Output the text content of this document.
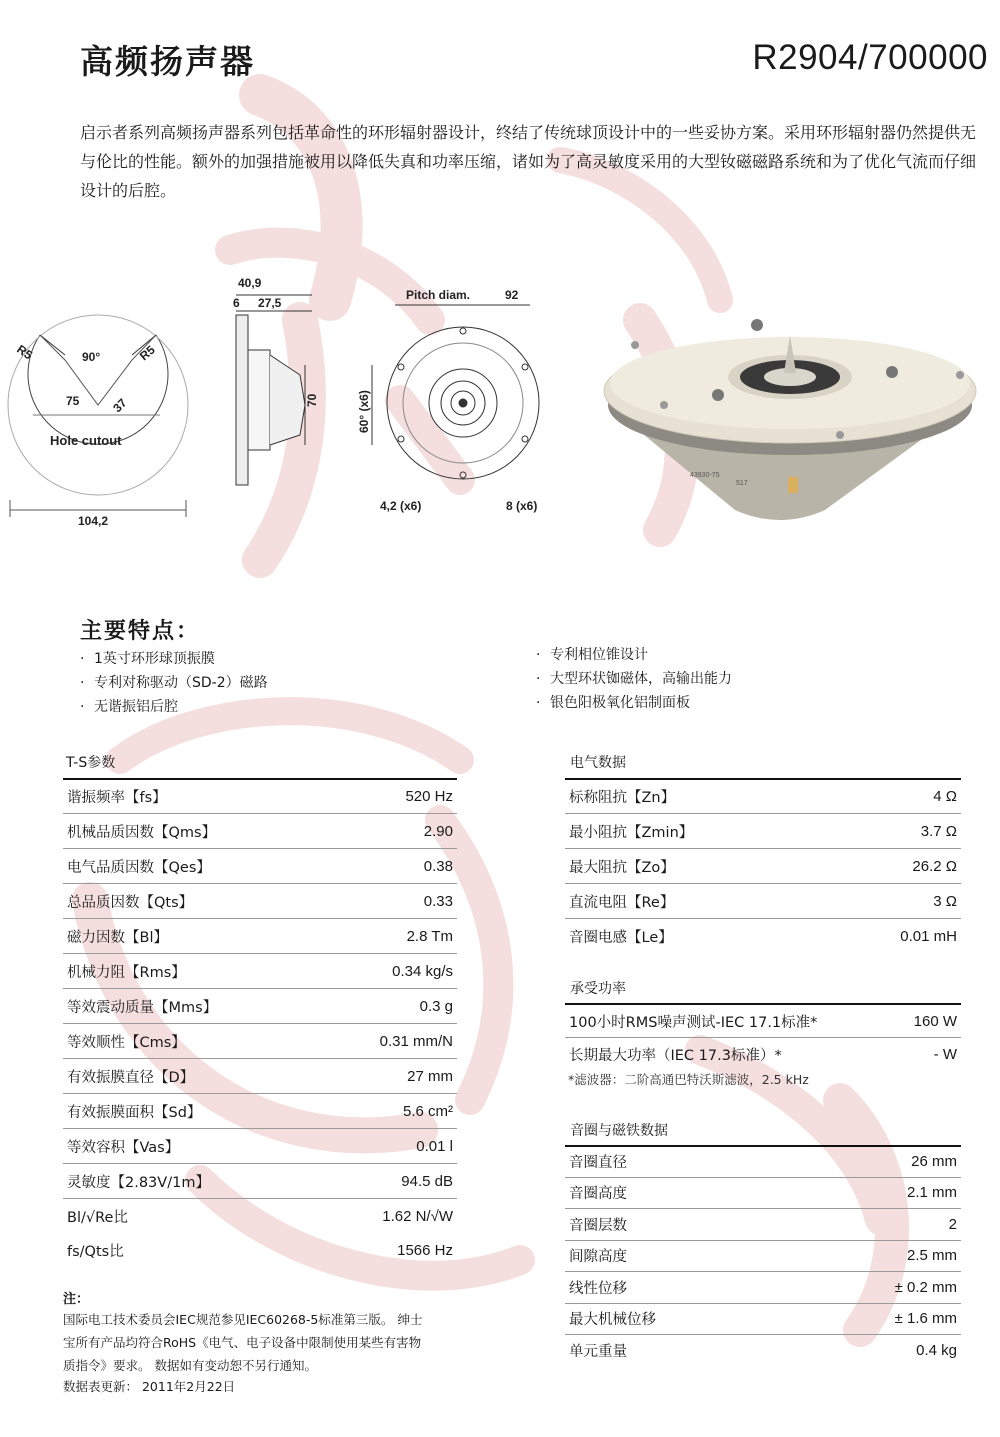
高频扬声器	R2904/700000

启示者系列高频扬声器系列包括革命性的环形辐射器设计，终结了传统球顶设计中的一些妥协方案。采用环形辐射器仍然提供无与伦比的性能。额外的加强措施被用以降低失真和功率压缩，诸如为了高灵敏度采用的大型钕磁磁路系统和为了优化气流而仔细设计的后腔。

R5	R5
90°
75	37
Hole cutout
104,2
40,9
6 27,5
70
Pitch diam.	92
60° (x6)
4,2 (x6)	8 (x6)
43930-75
517
主要特点：
· 1英寸环形球顶振膜
· 专利对称驱动（SD-2）磁路
· 无谐振铝后腔
· 专利相位锥设计
· 大型环状铷磁体，高输出能力
· 银色阳极氧化铝制面板
T-S参数
谐振频率【fs】	520 Hz
机械品质因数【Qms】	2.90
电气品质因数【Qes】	0.38
总品质因数【Qts】	0.33
磁力因数【Bl】	2.8 Tm
机械力阻【Rms】	0.34 kg/s
等效震动质量【Mms】	0.3 g
等效顺性【Cms】	0.31 mm/N
有效振膜直径【D】	27 mm
有效振膜面积【Sd】	5.6 cm²
等效容积【Vas】	0.01 l
灵敏度【2.83V/1m】	94.5 dB
Bl/√Re比	1.62 N/√W
fs/Qts比	1566 Hz
电气数据
标称阻抗【Zn】	4 Ω
最小阻抗【Zmin】	3.7 Ω
最大阻抗【Zo】	26.2 Ω
直流电阻【Re】	3 Ω
音圈电感【Le】	0.01 mH
承受功率
100小时RMS噪声测试-IEC 17.1标准*	160 W
长期最大功率（IEC 17.3标准）*	- W
*滤波器：二阶高通巴特沃斯滤波，2.5 kHz
音圈与磁铁数据
音圈直径	26 mm
音圈高度	2.1 mm
音圈层数	2
间隙高度	2.5 mm
线性位移	± 0.2 mm
最大机械位移	± 1.6 mm
单元重量	0.4 kg
注：
国际电工技术委员会IEC规范参见IEC60268-5标准第三版。 绅士宝所有产品均符合RoHS《电气、电子设备中限制使用某些有害物质指令》要求。 数据如有变动恕不另行通知。
数据表更新： 2011年2月22日
